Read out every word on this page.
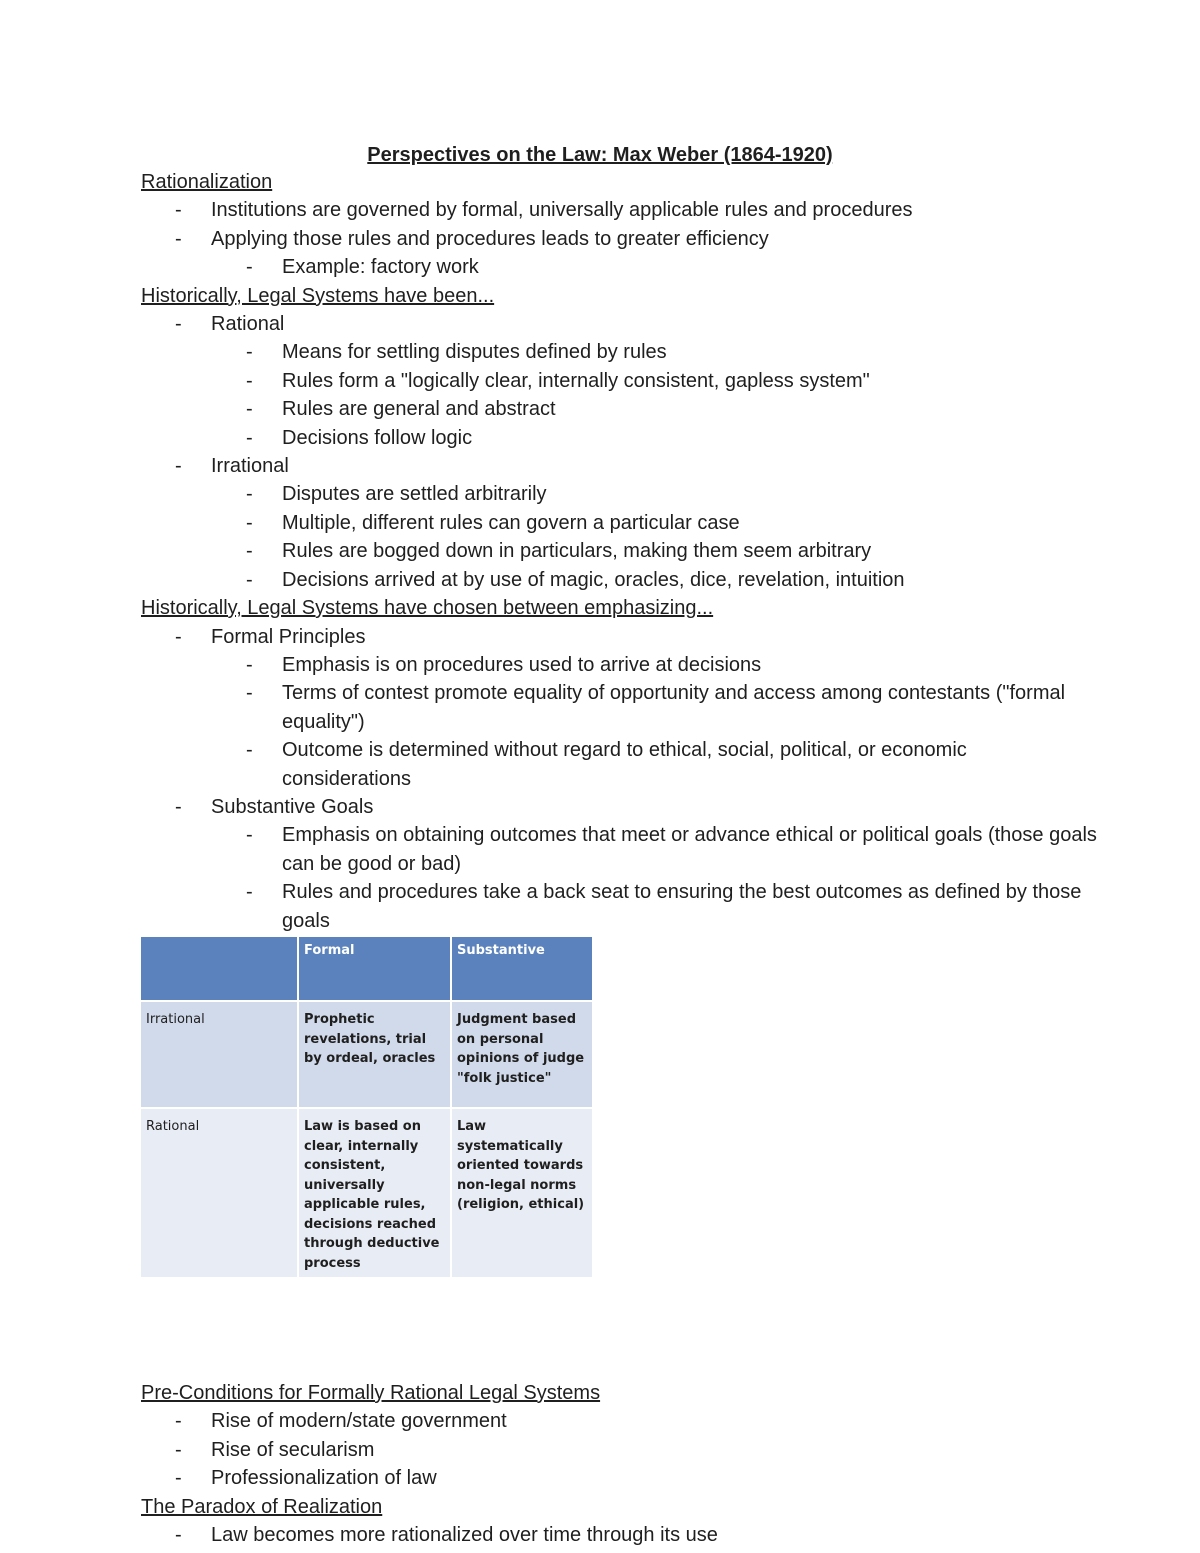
Perspectives on the Law: Max Weber (1864-1920)
Rationalization
- Institutions are governed by formal, universally applicable rules and procedures
- Applying those rules and procedures leads to greater efficiency
- Example: factory work
Historically, Legal Systems have been...
- Rational
- Means for settling disputes defined by rules
- Rules form a "logically clear, internally consistent, gapless system"
- Rules are general and abstract
- Decisions follow logic
- Irrational
- Disputes are settled arbitrarily
- Multiple, different rules can govern a particular case
- Rules are bogged down in particulars, making them seem arbitrary
- Decisions arrived at by use of magic, oracles, dice, revelation, intuition
Historically, Legal Systems have chosen between emphasizing...
- Formal Principles
- Emphasis is on procedures used to arrive at decisions
- Terms of contest promote equality of opportunity and access among contestants ("formal equality")
- Outcome is determined without regard to ethical, social, political, or economic considerations
- Substantive Goals
- Emphasis on obtaining outcomes that meet or advance ethical or political goals (those goals can be good or bad)
- Rules and procedures take a back seat to ensuring the best outcomes as defined by those goals
	Formal	Substantive
Irrational	Prophetic revelations, trial by ordeal, oracles	Judgment based on personal opinions of judge "folk justice"
Rational	Law is based on clear, internally consistent, universally applicable rules, decisions reached through deductive process	Law systematically oriented towards non-legal norms (religion, ethical)
Pre-Conditions for Formally Rational Legal Systems
- Rise of modern/state government
- Rise of secularism
- Professionalization of law
The Paradox of Realization
- Law becomes more rationalized over time through its use
